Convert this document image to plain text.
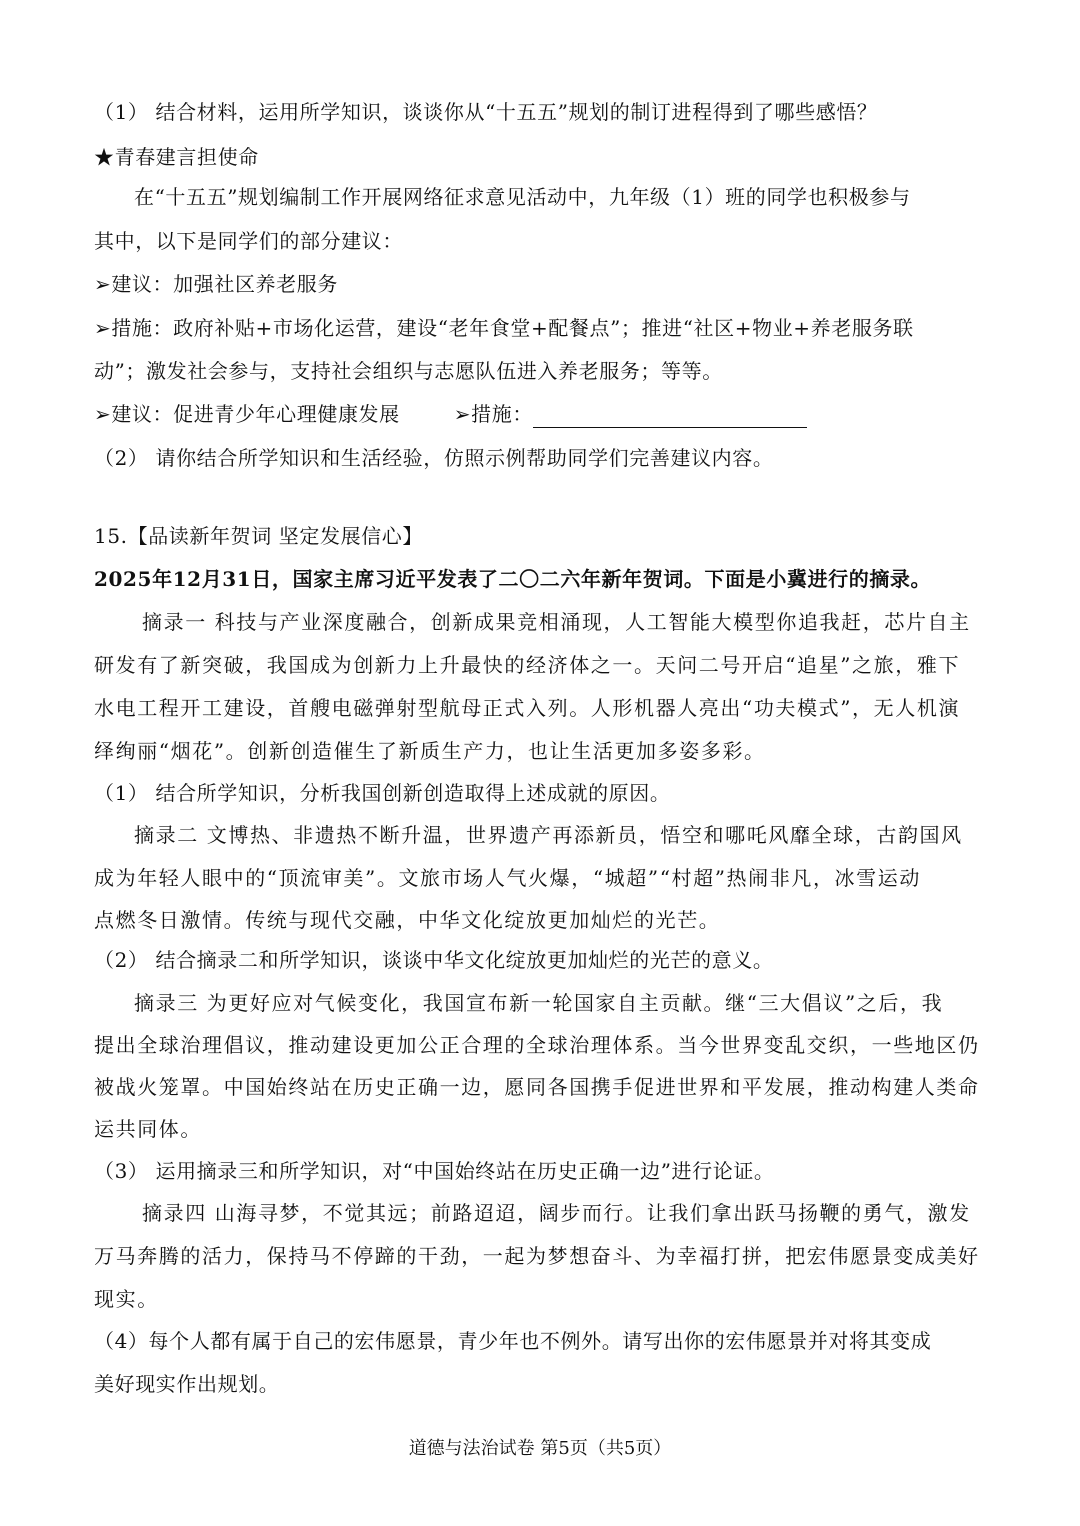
（1） 结合材料，运用所学知识，谈谈你从“十五五”规划的制订进程得到了哪些感悟？
★青春建言担使命
在“十五五”规划编制工作开展网络征求意见活动中，九年级（1）班的同学也积极参与
其中，以下是同学们的部分建议：
➢建议：加强社区养老服务
➢措施：政府补贴+市场化运营，建设“老年食堂+配餐点”；推进“社区+物业+养老服务联
动”；激发社会参与，支持社会组织与志愿队伍进入养老服务；等等。
➢建议：促进青少年心理健康发展	➢措施：
（2） 请你结合所学知识和生活经验，仿照示例帮助同学们完善建议内容。
15.【品读新年贺词 坚定发展信心】
2025年12月31日，国家主席习近平发表了二〇二六年新年贺词。下面是小冀进行的摘录。
摘录一 科技与产业深度融合，创新成果竞相涌现，人工智能大模型你追我赶，芯片自主
研发有了新突破，我国成为创新力上升最快的经济体之一。天问二号开启“追星”之旅，雅下
水电工程开工建设，首艘电磁弹射型航母正式入列。人形机器人亮出“功夫模式”，无人机演
绎绚丽“烟花”。创新创造催生了新质生产力，也让生活更加多姿多彩。
（1） 结合所学知识，分析我国创新创造取得上述成就的原因。
摘录二 文博热、非遗热不断升温，世界遗产再添新员，悟空和哪吒风靡全球，古韵国风
成为年轻人眼中的“顶流审美”。文旅市场人气火爆，“城超”“村超”热闹非凡，冰雪运动
点燃冬日激情。传统与现代交融，中华文化绽放更加灿烂的光芒。
（2） 结合摘录二和所学知识，谈谈中华文化绽放更加灿烂的光芒的意义。
摘录三 为更好应对气候变化，我国宣布新一轮国家自主贡献。继“三大倡议”之后，我
提出全球治理倡议，推动建设更加公正合理的全球治理体系。当今世界变乱交织，一些地区仍
被战火笼罩。中国始终站在历史正确一边，愿同各国携手促进世界和平发展，推动构建人类命
运共同体。
（3） 运用摘录三和所学知识，对“中国始终站在历史正确一边”进行论证。
摘录四 山海寻梦，不觉其远；前路迢迢，阔步而行。让我们拿出跃马扬鞭的勇气，激发
万马奔腾的活力，保持马不停蹄的干劲，一起为梦想奋斗、为幸福打拼，把宏伟愿景变成美好
现实。
（4）每个人都有属于自己的宏伟愿景，青少年也不例外。请写出你的宏伟愿景并对将其变成
美好现实作出规划。
道德与法治试卷 第5页（共5页）
